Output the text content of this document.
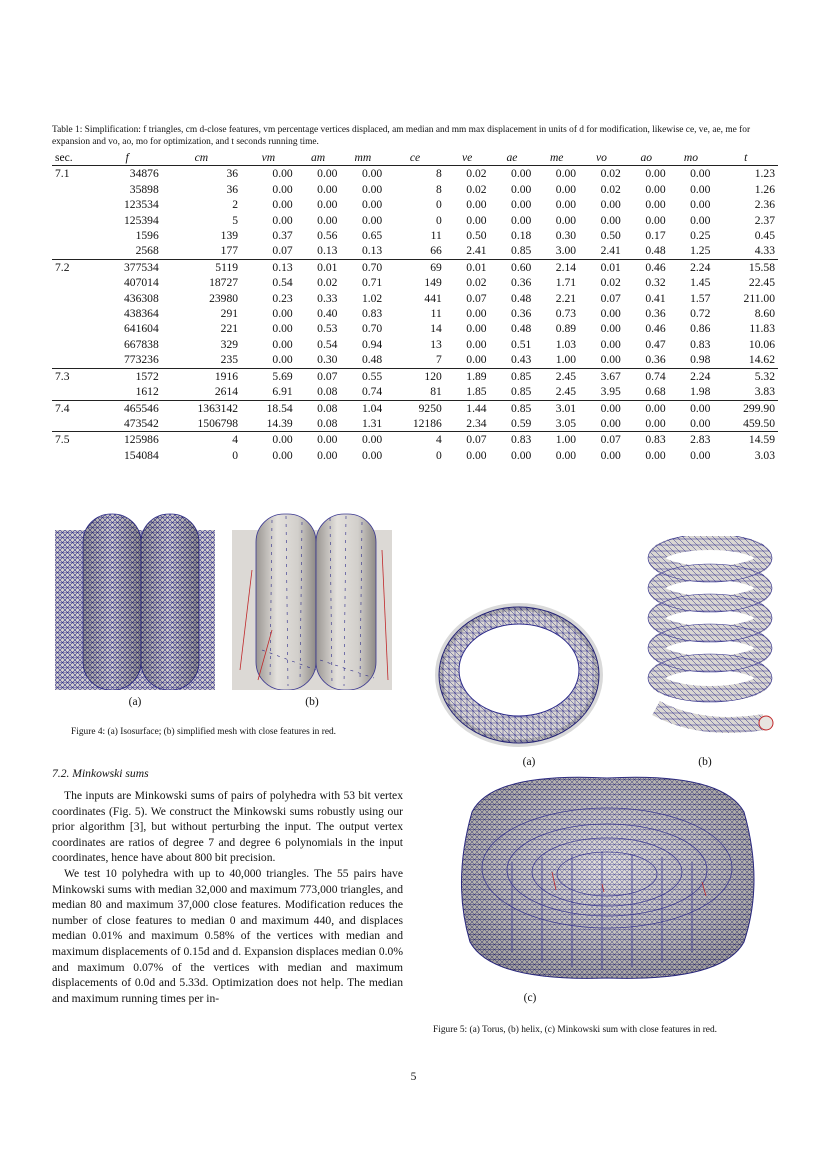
Table 1: Simplification: f triangles, cm d-close features, vm percentage vertices displaced, am median and mm max displacement in units of d for modification, likewise ce, ve, ae, me for expansion and vo, ao, mo for optimization, and t seconds running time.
sec.	f	cm	vm	am	mm	ce	ve	ae	me	vo	ao	mo	t
7.1	34876	36	0.00	0.00	0.00	8	0.02	0.00	0.00	0.02	0.00	0.00	1.23
	35898	36	0.00	0.00	0.00	8	0.02	0.00	0.00	0.02	0.00	0.00	1.26
	123534	2	0.00	0.00	0.00	0	0.00	0.00	0.00	0.00	0.00	0.00	2.36
	125394	5	0.00	0.00	0.00	0	0.00	0.00	0.00	0.00	0.00	0.00	2.37
	1596	139	0.37	0.56	0.65	11	0.50	0.18	0.30	0.50	0.17	0.25	0.45
	2568	177	0.07	0.13	0.13	66	2.41	0.85	3.00	2.41	0.48	1.25	4.33
7.2	377534	5119	0.13	0.01	0.70	69	0.01	0.60	2.14	0.01	0.46	2.24	15.58
	407014	18727	0.54	0.02	0.71	149	0.02	0.36	1.71	0.02	0.32	1.45	22.45
	436308	23980	0.23	0.33	1.02	441	0.07	0.48	2.21	0.07	0.41	1.57	211.00
	438364	291	0.00	0.40	0.83	11	0.00	0.36	0.73	0.00	0.36	0.72	8.60
	641604	221	0.00	0.53	0.70	14	0.00	0.48	0.89	0.00	0.46	0.86	11.83
	667838	329	0.00	0.54	0.94	13	0.00	0.51	1.03	0.00	0.47	0.83	10.06
	773236	235	0.00	0.30	0.48	7	0.00	0.43	1.00	0.00	0.36	0.98	14.62
7.3	1572	1916	5.69	0.07	0.55	120	1.89	0.85	2.45	3.67	0.74	2.24	5.32
	1612	2614	6.91	0.08	0.74	81	1.85	0.85	2.45	3.95	0.68	1.98	3.83
7.4	465546	1363142	18.54	0.08	1.04	9250	1.44	0.85	3.01	0.00	0.00	0.00	299.90
	473542	1506798	14.39	0.08	1.31	12186	2.34	0.59	3.05	0.00	0.00	0.00	459.50
7.5	125986	4	0.00	0.00	0.00	4	0.07	0.83	1.00	0.07	0.83	2.83	14.59
	154084	0	0.00	0.00	0.00	0	0.00	0.00	0.00	0.00	0.00	0.00	3.03
(a)	(b)
Figure 4: (a) Isosurface; (b) simplified mesh with close features in red.
(a)	(b)
(c)
Figure 5: (a) Torus, (b) helix, (c) Minkowski sum with close features in red.
7.2. Minkowski sums

The inputs are Minkowski sums of pairs of polyhedra with 53 bit vertex coordinates (Fig. 5). We construct the Minkowski sums robustly using our prior algorithm [3], but without perturbing the input. The output vertex coordinates are ratios of degree 7 and degree 6 polynomials in the input coordinates, hence have about 800 bit precision.

We test 10 polyhedra with up to 40,000 triangles. The 55 pairs have Minkowski sums with median 32,000 and maximum 773,000 triangles, and median 80 and maximum 37,000 close features. Modification reduces the number of close features to median 0 and maximum 440, and displaces median 0.01% and maximum 0.58% of the vertices with median and maximum displacements of 0.15d and d. Expansion displaces median 0.0% and maximum 0.07% of the vertices with median and maximum displacements of 0.0d and 5.33d. Optimization does not help. The median and maximum running times per in-

5
